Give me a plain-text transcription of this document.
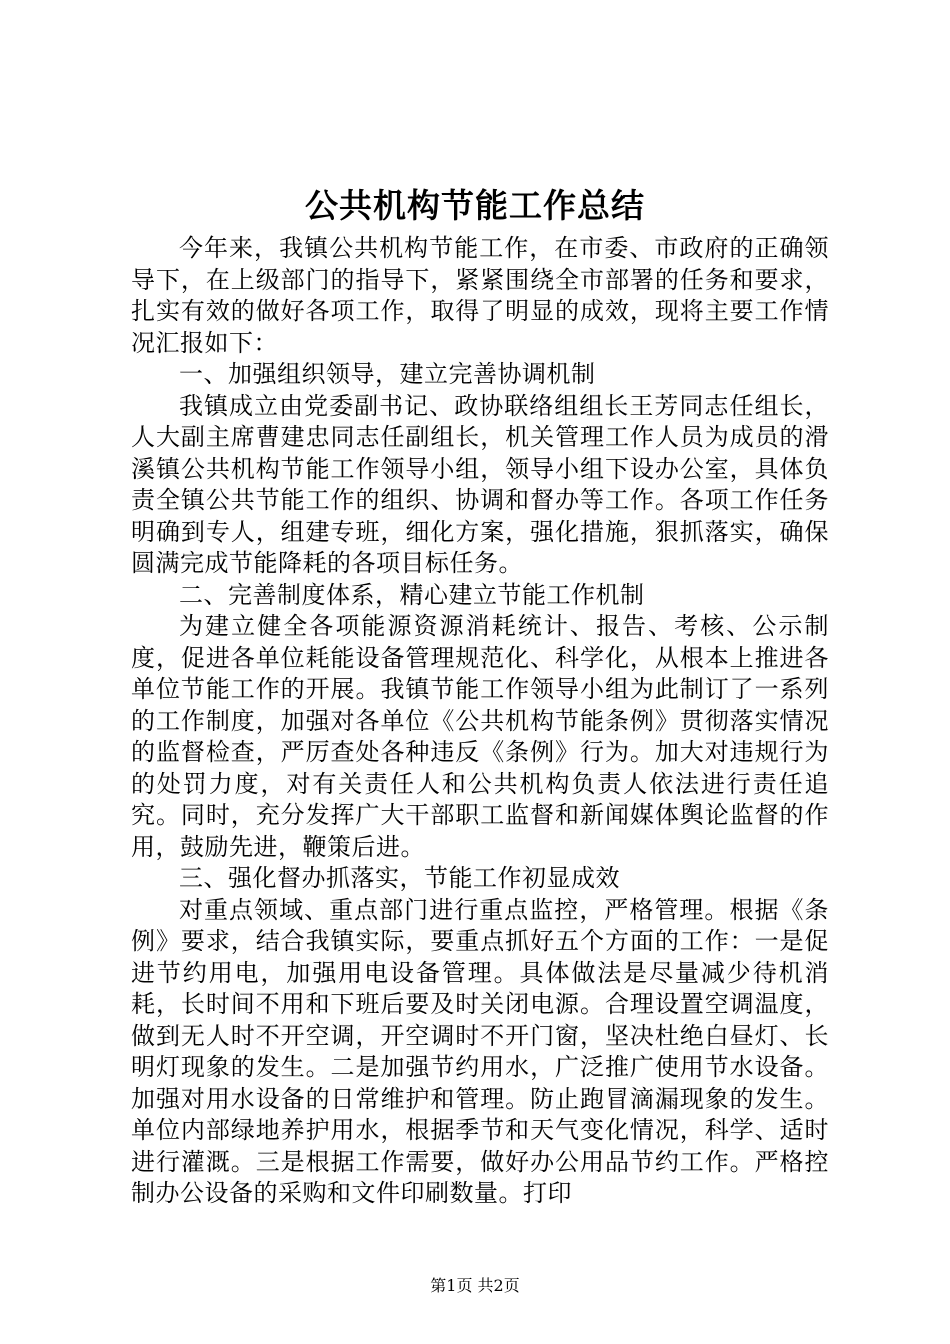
公共机构节能工作总结

今年来，我镇公共机构节能工作，在市委、市政府的正确领导下，在上级部门的指导下，紧紧围绕全市部署的任务和要求，扎实有效的做好各项工作，取得了明显的成效，现将主要工作情况汇报如下：

一、加强组织领导，建立完善协调机制

我镇成立由党委副书记、政协联络组组长王芳同志任组长，人大副主席曹建忠同志任副组长，机关管理工作人员为成员的滑溪镇公共机构节能工作领导小组，领导小组下设办公室，具体负责全镇公共节能工作的组织、协调和督办等工作。各项工作任务明确到专人，组建专班，细化方案，强化措施，狠抓落实，确保圆满完成节能降耗的各项目标任务。

二、完善制度体系，精心建立节能工作机制

为建立健全各项能源资源消耗统计、报告、考核、公示制度，促进各单位耗能设备管理规范化、科学化，从根本上推进各单位节能工作的开展。我镇节能工作领导小组为此制订了一系列的工作制度，加强对各单位《公共机构节能条例》贯彻落实情况的监督检查，严厉查处各种违反《条例》行为。加大对违规行为的处罚力度，对有关责任人和公共机构负责人依法进行责任追究。同时，充分发挥广大干部职工监督和新闻媒体舆论监督的作用，鼓励先进，鞭策后进。

三、强化督办抓落实，节能工作初显成效

对重点领域、重点部门进行重点监控，严格管理。根据《条例》要求，结合我镇实际，要重点抓好五个方面的工作：一是促进节约用电，加强用电设备管理。具体做法是尽量减少待机消耗，长时间不用和下班后要及时关闭电源。合理设置空调温度，做到无人时不开空调，开空调时不开门窗，坚决杜绝白昼灯、长明灯现象的发生。二是加强节约用水，广泛推广使用节水设备。加强对用水设备的日常维护和管理。防止跑冒滴漏现象的发生。单位内部绿地养护用水，根据季节和天气变化情况，科学、适时进行灌溉。三是根据工作需要，做好办公用品节约工作。严格控制办公设备的采购和文件印刷数量。打印

第1页 共2页
